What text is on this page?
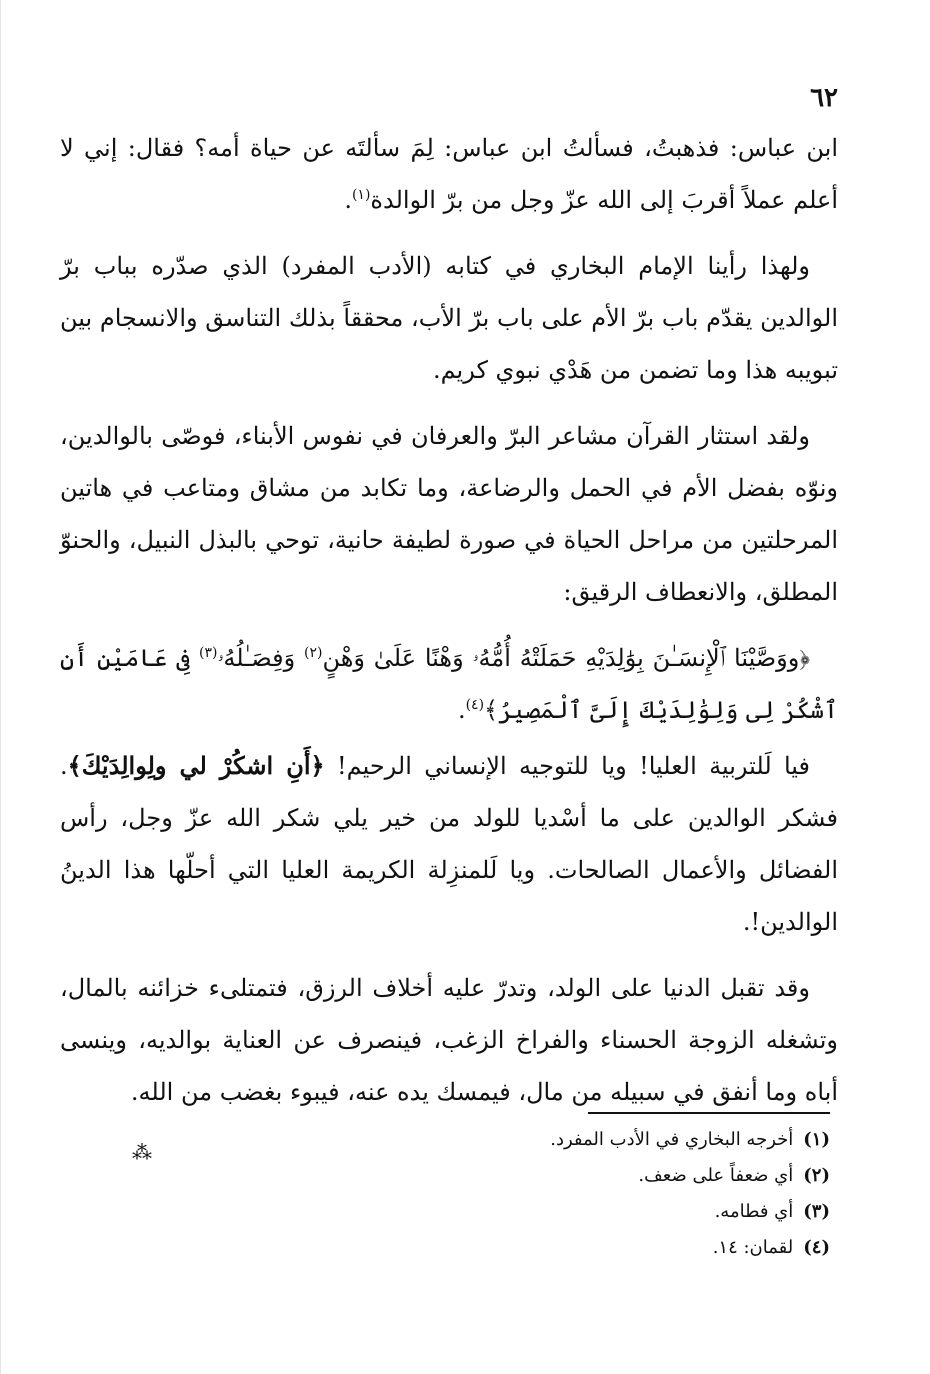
٦٢

ابن عباس: فذهبتُ، فسألتُ ابن عباس: لِمَ سألتَه عن حياة أمه؟ فقال: إني لا أعلم عملاً أقربَ إلى الله عزّ وجل من برّ الوالدة$^{(١)}$.

ولهذا رأينا الإمام البخاري في كتابه (الأدب المفرد) الذي صدّره بباب برّ الوالدين يقدّم باب برّ الأم على باب برّ الأب، محققاً بذلك التناسق والانسجام بين تبويبه هذا وما تضمن من هَدْي نبوي كريم.

ولقد استثار القرآن مشاعر البرّ والعرفان في نفوس الأبناء، فوصّى بالوالدين، ونوّه بفضل الأم في الحمل والرضاعة، وما تكابد من مشاق ومتاعب في هاتين المرحلتين من مراحل الحياة في صورة لطيفة حانية، توحي بالبذل النبيل، والحنوّ المطلق، والانعطاف الرقيق:

﴿ووَصَّيْنَا ٱلْإِنسَـٰنَ بِوَٰلِدَيْهِ حَمَلَتْهُ أُمُّهُۥ وَهْنًا عَلَىٰ وَهْنٍ$^{(٢)}$ وَفِصَـٰلُهُۥ$^{(٣)}$ فِى عَامَيْنِ أَنِ ٱشْكُرْ لِى وَلِوَٰلِدَيْكَ إِلَىَّ ٱلْمَصِيرُ﴾$^{(٤)}$.

فيا لَلتربية العليا! ويا للتوجيه الإنساني الرحيم! ﴿أَنِ اشكُرْ لي ولِوالِدَيْكَ﴾. فشكر الوالدين على ما أسْديا للولد من خير يلي شكر الله عزّ وجل، رأس الفضائل والأعمال الصالحات. ويا لَلمنزِلة الكريمة العليا التي أحلّها هذا الدينُ الوالدين!.

وقد تقبل الدنيا على الولد، وتدرّ عليه أخلاف الرزق، فتمتلىء خزائنه بالمال، وتشغله الزوجة الحسناء والفراخ الزغب، فينصرف عن العناية بوالديه، وينسى أباه وما أنفق في سبيله من مال، فيمسك يده عنه، فيبوء بغضب من الله.

(١)أخرجه البخاري في الأدب المفرد.
(٢)أي ضعفاً على ضعف.
(٣)أي فطامه.
(٤)لقمان: ١٤.
⁂
